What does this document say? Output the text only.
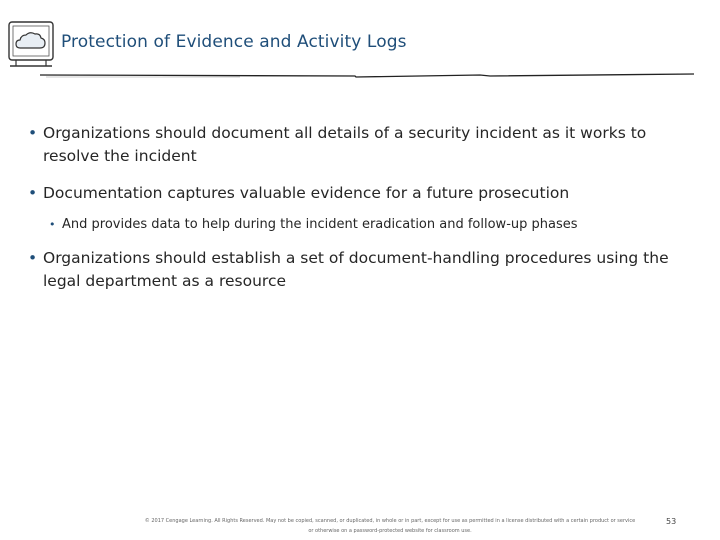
Protection of Evidence and Activity Logs
• Organizations should document all details of a security incident as it works to resolve the incident
• Documentation captures valuable evidence for a future prosecution
• And provides data to help during the incident eradication and follow-up phases
• Organizations should establish a set of document-handling procedures using the legal department as a resource
© 2017 Cengage Learning. All Rights Reserved. May not be copied, scanned, or duplicated, in whole or in part, except for use as permitted in a license distributed with a certain product or service
or otherwise on a password-protected website for classroom use.
53
